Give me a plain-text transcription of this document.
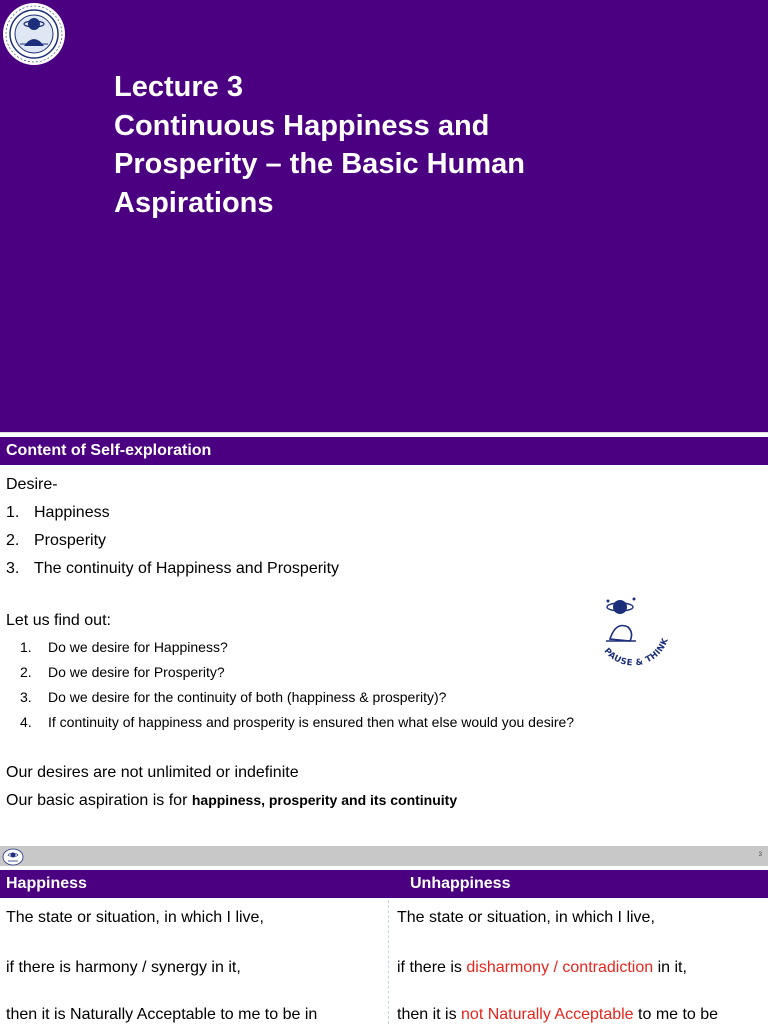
Lecture 3
Continuous Happiness and
Prosperity – the Basic Human
Aspirations
Content of Self-exploration
Desire-
1. Happiness
2. Prosperity
3. The continuity of Happiness and Prosperity
Let us find out:
1. Do we desire for Happiness?
2. Do we desire for Prosperity?
3. Do we desire for the continuity of both (happiness & prosperity)?
4. If continuity of happiness and prosperity is ensured then what else would you desire?
Our desires are not unlimited or indefinite
Our basic aspiration is for happiness, prosperity and its continuity
PAUSE & THINK
3
Happiness	Unhappiness
The state or situation, in which I live,
if there is harmony / synergy in it,
then it is Naturally Acceptable to me to be in
The state or situation, in which I live,
if there is disharmony / contradiction in it,
then it is not Naturally Acceptable to me to be
